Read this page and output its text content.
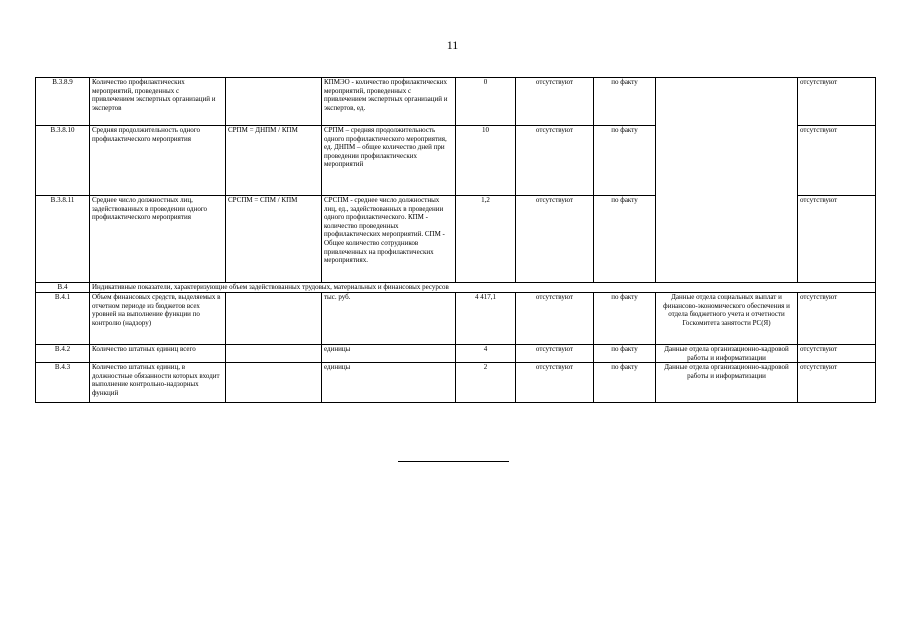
11
В.3.8.9	Количество профилактических мероприятий, проведенных с привлечением экспертных организаций и экспертов		КПМЭО - количество профилактических мероприятий, проведенных с привлечением экспертных организаций и экспертов, ед.	0	отсутствуют	по факту		отсутствуют
В.3.8.10	Средняя продолжительность одного профилактического мероприятия	СРПМ = ДНПМ / КПМ	СРПМ – средняя продолжительность одного профилактического мероприятия, ед. ДНПМ – общее количество дней при проведении профилактических мероприятий	10	отсутствуют	по факту		отсутствуют
В.3.8.11	Среднее число должностных лиц, задействованных в проведении одного профилактического мероприятия	СРСПМ = СПМ / КПМ	СРСПМ - среднее число должностных лиц, ед., задействованных в проведении одного профилактического. КПМ - количество проведенных профилактических мероприятий. СПМ - Общее количество сотрудников привлеченных на профилактических мероприятиях.	1,2	отсутствуют	по факту		отсутствуют
В.4	Индикативные показатели, характеризующие объем задействованных трудовых, материальных и финансовых ресурсов							
В.4.1	Объем финансовых средств, выделяемых в отчетном периоде из бюджетов всех уровней на выполнение функции по контролю (надзору)		тыс. руб.	4 417,1	отсутствуют	по факту	Данные отдела социальных выплат и финансово-экономического обеспечения и отдела бюджетного учета и отчетности Госкомитета занятости РС(Я)	отсутствуют
В.4.2	Количество штатных единиц всего		единицы	4	отсутствуют	по факту	Данные отдела организационно-кадровой работы и информатизации	отсутствуют
В.4.3	Количество штатных единиц, в должностные обязанности которых входит выполнение контрольно-надзорных функций		единицы	2	отсутствуют	по факту	Данные отдела организационно-кадровой работы и информатизации	отсутствуют
